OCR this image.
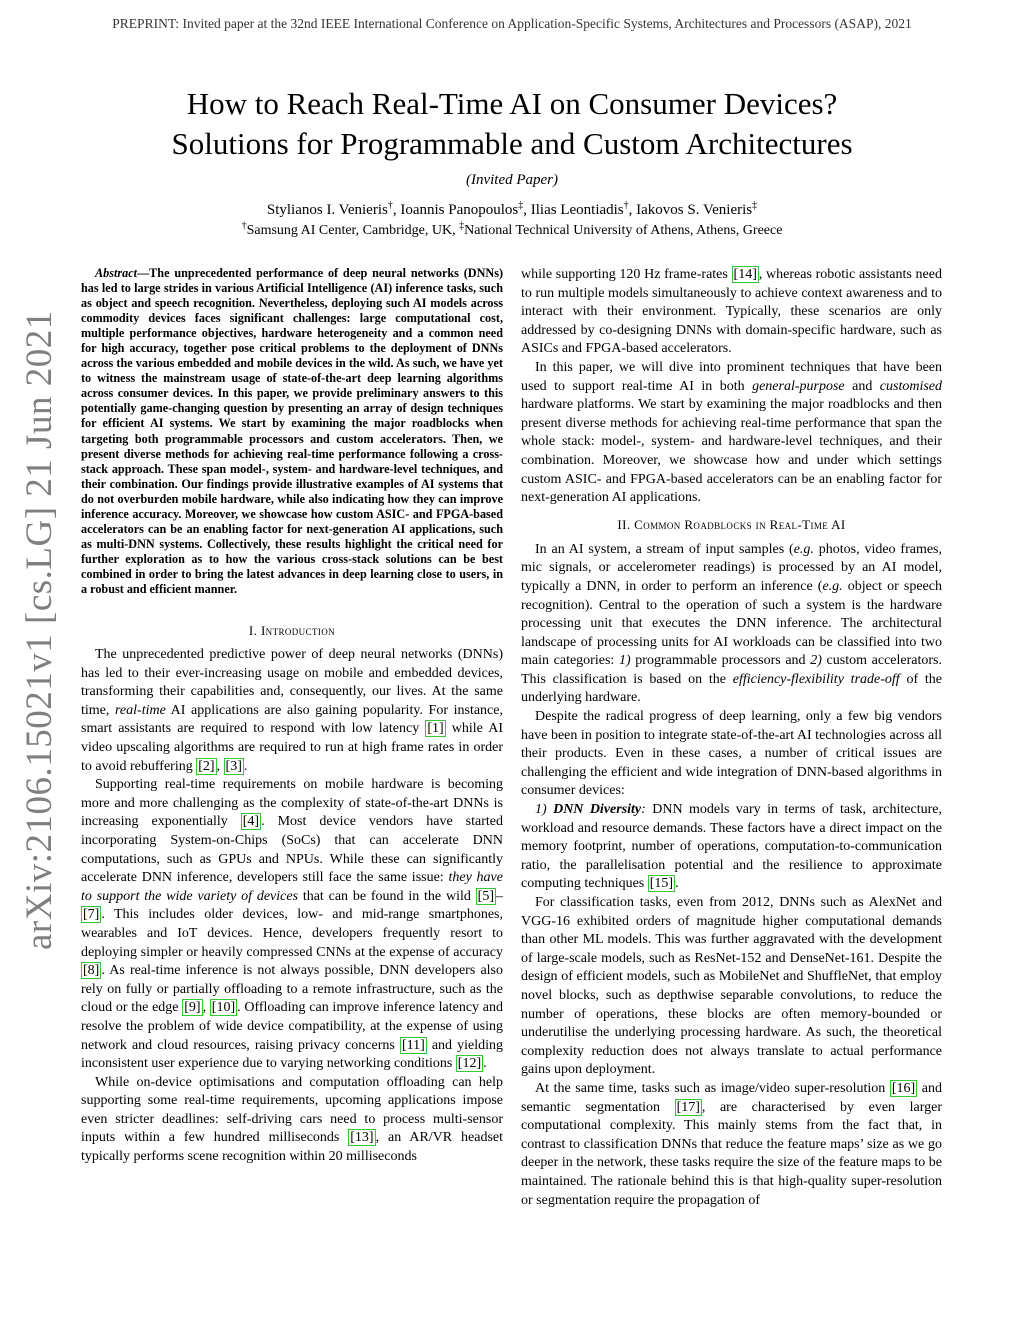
PREPRINT: Invited paper at the 32nd IEEE International Conference on Application-Specific Systems, Architectures and Processors (ASAP), 2021
arXiv:2106.15021v1 [cs.LG] 21 Jun 2021
How to Reach Real-Time AI on Consumer Devices?
Solutions for Programmable and Custom Architectures
(Invited Paper)
Stylianos I. Venieris†, Ioannis Panopoulos‡, Ilias Leontiadis†, Iakovos S. Venieris‡
†Samsung AI Center, Cambridge, UK, ‡National Technical University of Athens, Athens, Greece

Abstract—The unprecedented performance of deep neural networks (DNNs) has led to large strides in various Artificial Intelligence (AI) inference tasks, such as object and speech recognition. Nevertheless, deploying such AI models across commodity devices faces significant challenges: large computational cost, multiple performance objectives, hardware heterogeneity and a common need for high accuracy, together pose critical problems to the deployment of DNNs across the various embedded and mobile devices in the wild. As such, we have yet to witness the mainstream usage of state-of-the-art deep learning algorithms across consumer devices. In this paper, we provide preliminary answers to this potentially game-changing question by presenting an array of design techniques for efficient AI systems. We start by examining the major roadblocks when targeting both programmable processors and custom accelerators. Then, we present diverse methods for achieving real-time performance following a cross-stack approach. These span model-, system- and hardware-level techniques, and their combination. Our findings provide illustrative examples of AI systems that do not overburden mobile hardware, while also indicating how they can improve inference accuracy. Moreover, we showcase how custom ASIC- and FPGA-based accelerators can be an enabling factor for next-generation AI applications, such as multi-DNN systems. Collectively, these results highlight the critical need for further exploration as to how the various cross-stack solutions can be best combined in order to bring the latest advances in deep learning close to users, in a robust and efficient manner.

I. Introduction

The unprecedented predictive power of deep neural networks (DNNs) has led to their ever-increasing usage on mobile and embedded devices, transforming their capabilities and, consequently, our lives. At the same time, real-time AI applications are also gaining popularity. For instance, smart assistants are required to respond with low latency [1] while AI video upscaling algorithms are required to run at high frame rates in order to avoid rebuffering [2] , [3] .

Supporting real-time requirements on mobile hardware is becoming more and more challenging as the complexity of state-of-the-art DNNs is increasing exponentially [4] . Most device vendors have started incorporating System-on-Chips (SoCs) that can accelerate DNN computations, such as GPUs and NPUs. While these can significantly accelerate DNN inference, developers still face the same issue: they have to support the wide variety of devices that can be found in the wild [5] –[7] . This includes older devices, low- and mid-range smartphones, wearables and IoT devices. Hence, developers frequently resort to deploying simpler or heavily compressed CNNs at the expense of accuracy [8] . As real-time inference is not always possible, DNN developers also rely on fully or partially offloading to a remote infrastructure, such as the cloud or the edge [9] , [10] . Offloading can improve inference latency and resolve the problem of wide device compatibility, at the expense of using network and cloud resources, raising privacy concerns [11] and yielding inconsistent user experience due to varying networking conditions [12] .

While on-device optimisations and computation offloading can help supporting some real-time requirements, upcoming applications impose even stricter deadlines: self-driving cars need to process multi-sensor inputs within a few hundred milliseconds [13] , an AR/VR headset typically performs scene recognition within 20 milliseconds

while supporting 120 Hz frame-rates [14] , whereas robotic assistants need to run multiple models simultaneously to achieve context awareness and to interact with their environment. Typically, these scenarios are only addressed by co-designing DNNs with domain-specific hardware, such as ASICs and FPGA-based accelerators.

In this paper, we will dive into prominent techniques that have been used to support real-time AI in both general-purpose and customised hardware platforms. We start by examining the major roadblocks and then present diverse methods for achieving real-time performance that span the whole stack: model-, system- and hardware-level techniques, and their combination. Moreover, we showcase how and under which settings custom ASIC- and FPGA-based accelerators can be an enabling factor for next-generation AI applications.

II. Common Roadblocks in Real-Time AI

In an AI system, a stream of input samples (e.g. photos, video frames, mic signals, or accelerometer readings) is processed by an AI model, typically a DNN, in order to perform an inference (e.g. object or speech recognition). Central to the operation of such a system is the hardware processing unit that executes the DNN inference. The architectural landscape of processing units for AI workloads can be classified into two main categories: 1) programmable processors and 2) custom accelerators. This classification is based on the efficiency-flexibility trade-off of the underlying hardware.

Despite the radical progress of deep learning, only a few big vendors have been in position to integrate state-of-the-art AI technologies across all their products. Even in these cases, a number of critical issues are challenging the efficient and wide integration of DNN-based algorithms in consumer devices:

1) DNN Diversity: DNN models vary in terms of task, architecture, workload and resource demands. These factors have a direct impact on the memory footprint, number of operations, computation-to-communication ratio, the parallelisation potential and the resilience to approximate computing techniques [15] .

For classification tasks, even from 2012, DNNs such as AlexNet and VGG-16 exhibited orders of magnitude higher computational demands than other ML models. This was further aggravated with the development of large-scale models, such as ResNet-152 and DenseNet-161. Despite the design of efficient models, such as MobileNet and ShuffleNet, that employ novel blocks, such as depthwise separable convolutions, to reduce the number of operations, these blocks are often memory-bounded or underutilise the underlying processing hardware. As such, the theoretical complexity reduction does not always translate to actual performance gains upon deployment.

At the same time, tasks such as image/video super-resolution [16] and semantic segmentation [17] , are characterised by even larger computational complexity. This mainly stems from the fact that, in contrast to classification DNNs that reduce the feature maps’ size as we go deeper in the network, these tasks require the size of the feature maps to be maintained. The rationale behind this is that high-quality super-resolution or segmentation require the propagation of
